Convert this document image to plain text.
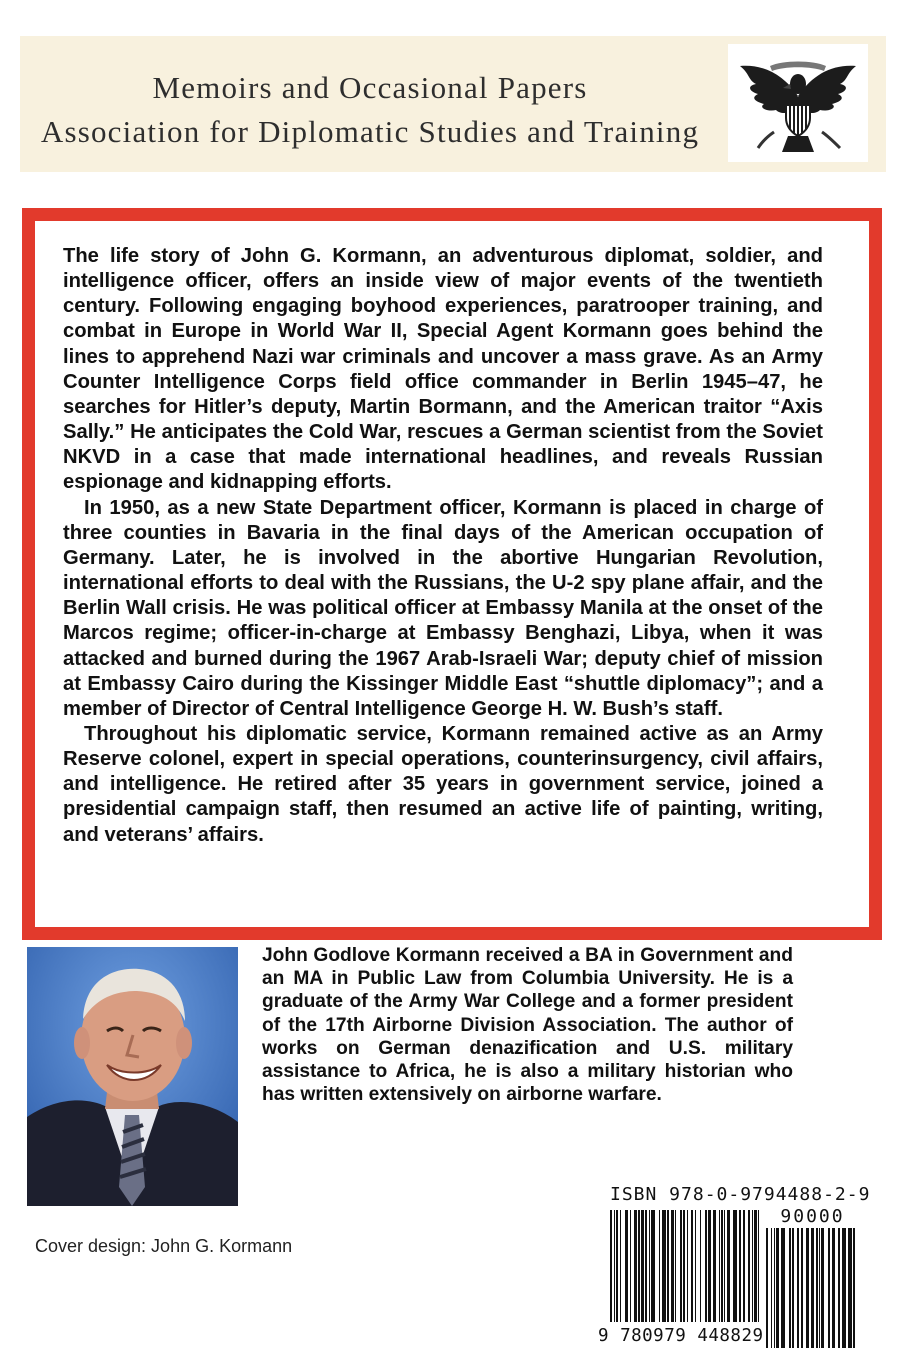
Memoirs and Occasional Papers
Association for Diplomatic Studies and Training

The life story of John G. Kormann, an adventurous diplomat, soldier, and intelligence officer, offers an inside view of major events of the twentieth century. Following engaging boyhood experiences, paratrooper training, and combat in Europe in World War II, Special Agent Kormann goes behind the lines to apprehend Nazi war criminals and uncover a mass grave. As an Army Counter Intelligence Corps field office commander in Berlin 1945–47, he searches for Hitler’s deputy, Martin Bormann, and the American traitor “Axis Sally.” He anticipates the Cold War, rescues a German scientist from the Soviet NKVD in a case that made international headlines, and reveals Russian espionage and kidnapping efforts.

In 1950, as a new State Department officer, Kormann is placed in charge of three counties in Bavaria in the final days of the American occupation of Germany. Later, he is involved in the abortive Hungarian Revolution, international efforts to deal with the Russians, the U-2 spy plane affair, and the Berlin Wall crisis. He was political officer at Embassy Manila at the onset of the Marcos regime; officer-in-charge at Embassy Benghazi, Libya, when it was attacked and burned during the 1967 Arab-Israeli War; deputy chief of mission at Embassy Cairo during the Kissinger Middle East “shuttle diplomacy”; and a member of Director of Central Intelligence George H. W. Bush’s staff.

Throughout his diplomatic service, Kormann remained active as an Army Reserve colonel, expert in special operations, counterinsurgency, civil affairs, and intelligence. He retired after 35 years in government service, joined a presidential campaign staff, then resumed an active life of painting, writing, and veterans’ affairs.

John Godlove Kormann received a BA in Government and an MA in Public Law from Columbia University. He is a graduate of the Army War College and a former president of the 17th Airborne Division Association. The author of works on German denazification and U.S. military assistance to Africa, he is also a military historian who has written extensively on airborne warfare.

Cover design: John G. Kormann
ISBN 978-0-9794488-2-9
90000
9 780979 448829
